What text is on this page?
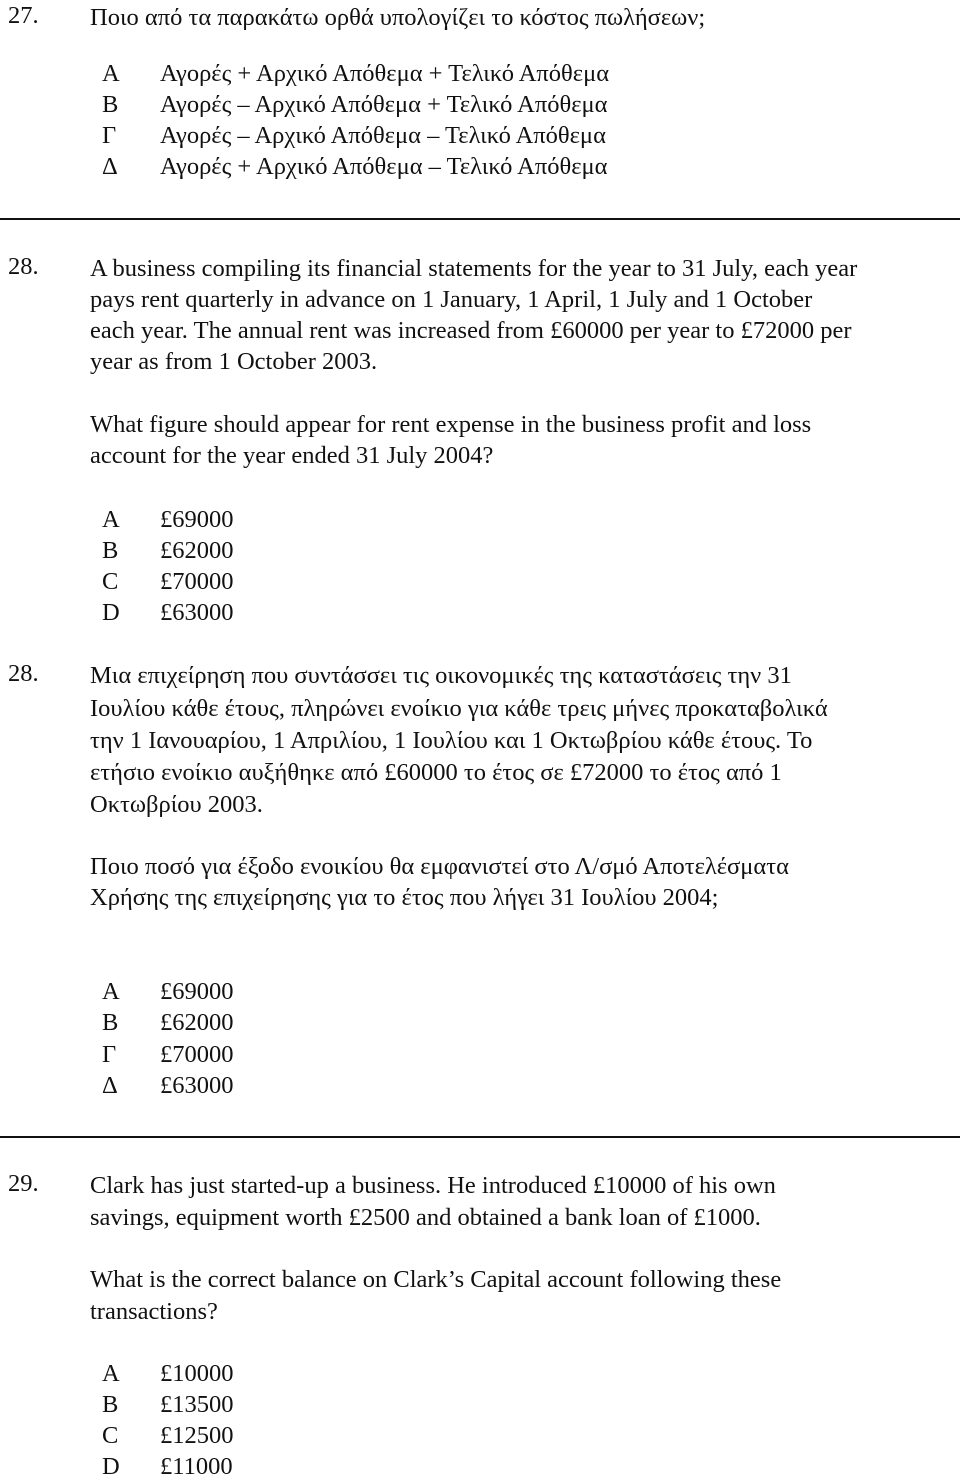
27. Ποιο από τα παρακάτω ορθά υπολογίζει το κόστος πωλήσεων;
Α Αγορές + Αρχικό Απόθεμα + Τελικό Απόθεμα
Β Αγορές – Αρχικό Απόθεμα + Τελικό Απόθεμα
Γ Αγορές – Αρχικό Απόθεμα – Τελικό Απόθεμα
Δ Αγορές + Αρχικό Απόθεμα – Τελικό Απόθεμα
28. A business compiling its financial statements for the year to 31 July, each year
pays rent quarterly in advance on 1 January, 1 April, 1 July and 1 October
each year. The annual rent was increased from £60000 per year to £72000 per
year as from 1 October 2003.
What figure should appear for rent expense in the business profit and loss
account for the year ended 31 July 2004?
A £69000
B £62000
C £70000
D £63000
28. Μια επιχείρηση που συντάσσει τις οικονομικές της καταστάσεις την 31
Ιουλίου κάθε έτους, πληρώνει ενοίκιο για κάθε τρεις μήνες προκαταβολικά
την 1 Ιανουαρίου, 1 Απριλίου, 1 Ιουλίου και 1 Οκτωβρίου κάθε έτους. Το
ετήσιο ενοίκιο αυξήθηκε από £60000 το έτος σε £72000 το έτος από 1
Οκτωβρίου 2003.
Ποιο ποσό για έξοδο ενοικίου θα εμφανιστεί στο Λ/σμό Αποτελέσματα
Χρήσης της επιχείρησης για το έτος που λήγει 31 Ιουλίου 2004;
Α £69000
Β £62000
Γ £70000
Δ £63000
29. Clark has just started-up a business. He introduced £10000 of his own
savings, equipment worth £2500 and obtained a bank loan of £1000.
What is the correct balance on Clark’s Capital account following these
transactions?
A £10000
B £13500
C £12500
D £11000
